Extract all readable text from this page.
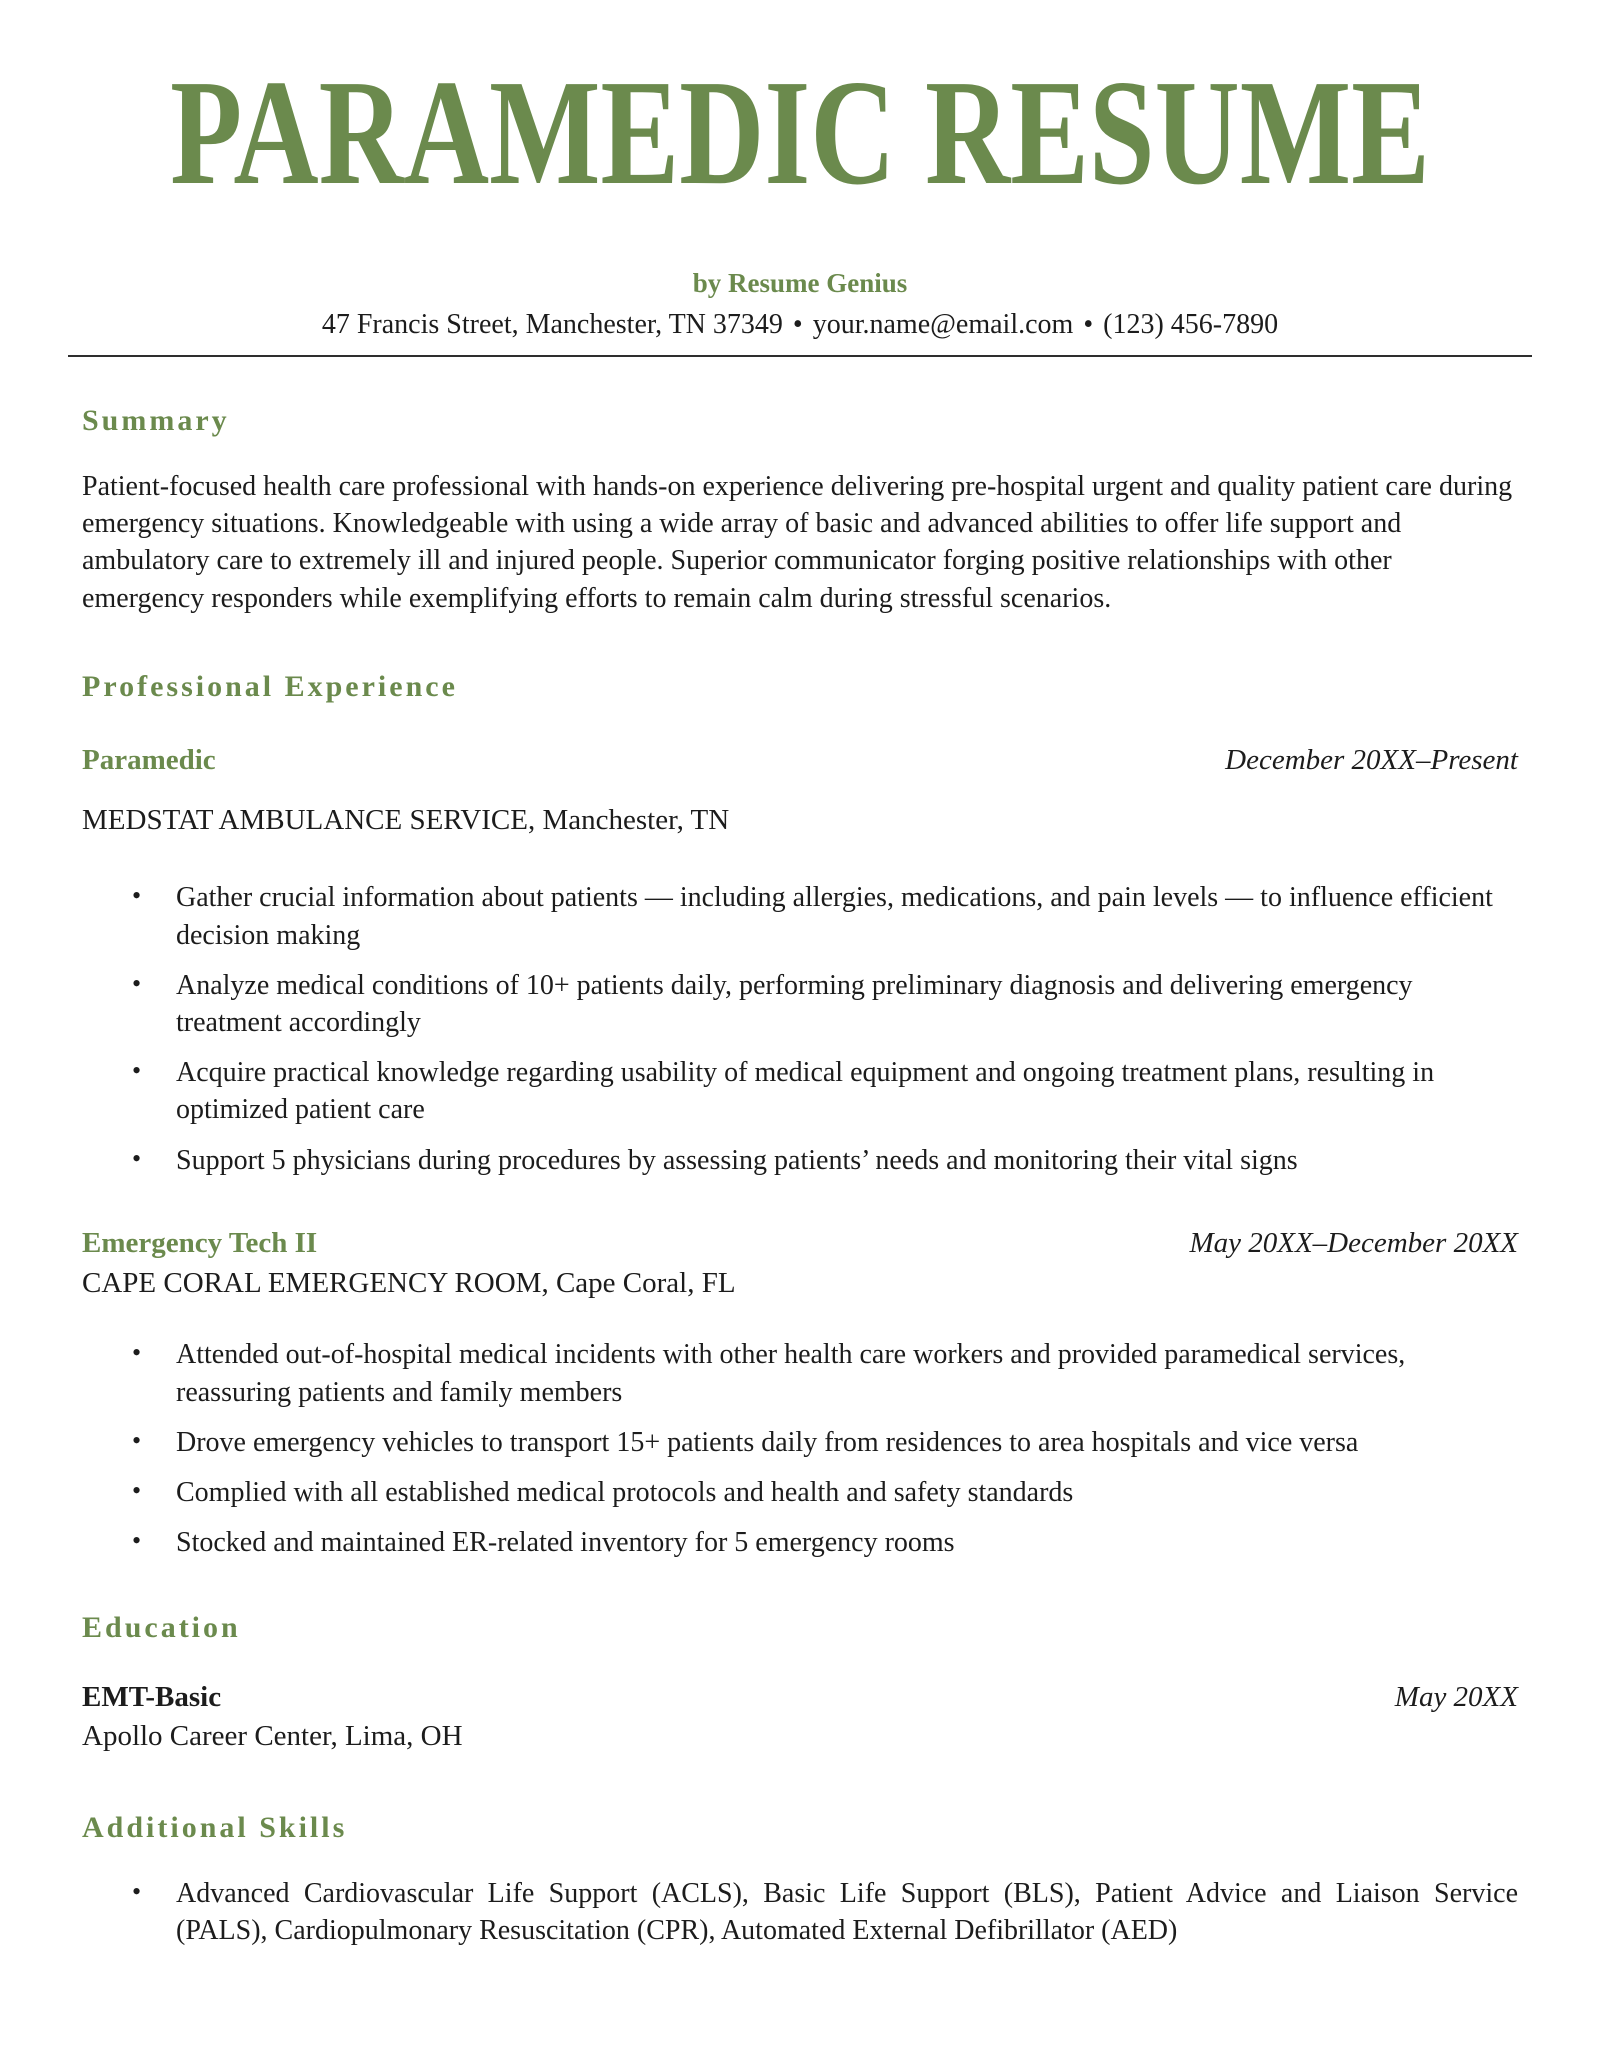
PARAMEDIC RESUME
by Resume Genius
47 Francis Street, Manchester, TN 37349 • your.name@email.com • (123) 456-7890
Summary
Patient-focused health care professional with hands-on experience delivering pre-hospital urgent and quality patient care during emergency situations. Knowledgeable with using a wide array of basic and advanced abilities to offer life support and ambulatory care to extremely ill and injured people. Superior communicator forging positive relationships with other emergency responders while exemplifying efforts to remain calm during stressful scenarios.
Professional Experience
Paramedic	December 20XX–Present
MEDSTAT AMBULANCE SERVICE, Manchester, TN
• Gather crucial information about patients — including allergies, medications, and pain levels — to influence efficient decision making
• Analyze medical conditions of 10+ patients daily, performing preliminary diagnosis and delivering emergency treatment accordingly
• Acquire practical knowledge regarding usability of medical equipment and ongoing treatment plans, resulting in optimized patient care
• Support 5 physicians during procedures by assessing patients’ needs and monitoring their vital signs
Emergency Tech II	May 20XX–December 20XX
CAPE CORAL EMERGENCY ROOM, Cape Coral, FL
• Attended out-of-hospital medical incidents with other health care workers and provided paramedical services, reassuring patients and family members
• Drove emergency vehicles to transport 15+ patients daily from residences to area hospitals and vice versa
• Complied with all established medical protocols and health and safety standards
• Stocked and maintained ER-related inventory for 5 emergency rooms
Education
EMT-Basic	May 20XX
Apollo Career Center, Lima, OH
Additional Skills
• Advanced Cardiovascular Life Support (ACLS), Basic Life Support (BLS), Patient Advice and Liaison Service (PALS), Cardiopulmonary Resuscitation (CPR), Automated External Defibrillator (AED)
